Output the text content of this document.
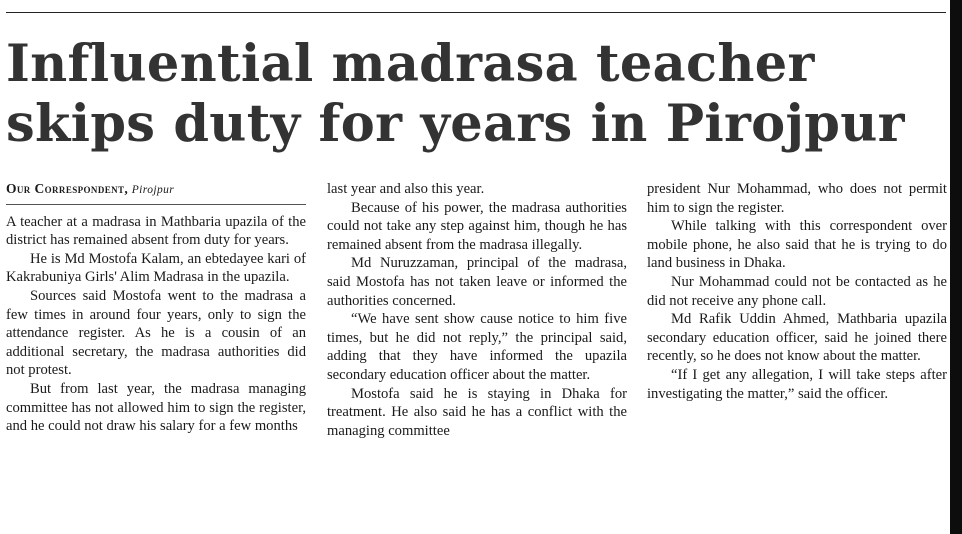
Influential madrasa teacher skips duty for years in Pirojpur

Our Correspondent, Pirojpur

A teacher at a madrasa in Mathbaria upazila of the district has remained absent from duty for years.

He is Md Mostofa Kalam, an ebtedayee kari of Kakrabuniya Girls' Alim Madrasa in the upazila.

Sources said Mostofa went to the madrasa a few times in around four years, only to sign the attendance register. As he is a cousin of an additional secretary, the madrasa authorities did not protest.

But from last year, the madrasa managing committee has not allowed him to sign the register, and he could not draw his salary for a few months

last year and also this year.

Because of his power, the madrasa authorities could not take any step against him, though he has remained absent from the madrasa illegally.

Md Nuruzzaman, principal of the madrasa, said Mostofa has not taken leave or informed the authorities concerned.

“We have sent show cause notice to him five times, but he did not reply,” the principal said, adding that they have informed the upazila secondary education officer about the matter.

Mostofa said he is staying in Dhaka for treatment. He also said he has a conflict with the managing committee

president Nur Mohammad, who does not permit him to sign the register.

While talking with this correspondent over mobile phone, he also said that he is trying to do land business in Dhaka.

Nur Mohammad could not be contacted as he did not receive any phone call.

Md Rafik Uddin Ahmed, Mathbaria upazila secondary education officer, said he joined there recently, so he does not know about the matter.

“If I get any allegation, I will take steps after investigating the matter,” said the officer.
